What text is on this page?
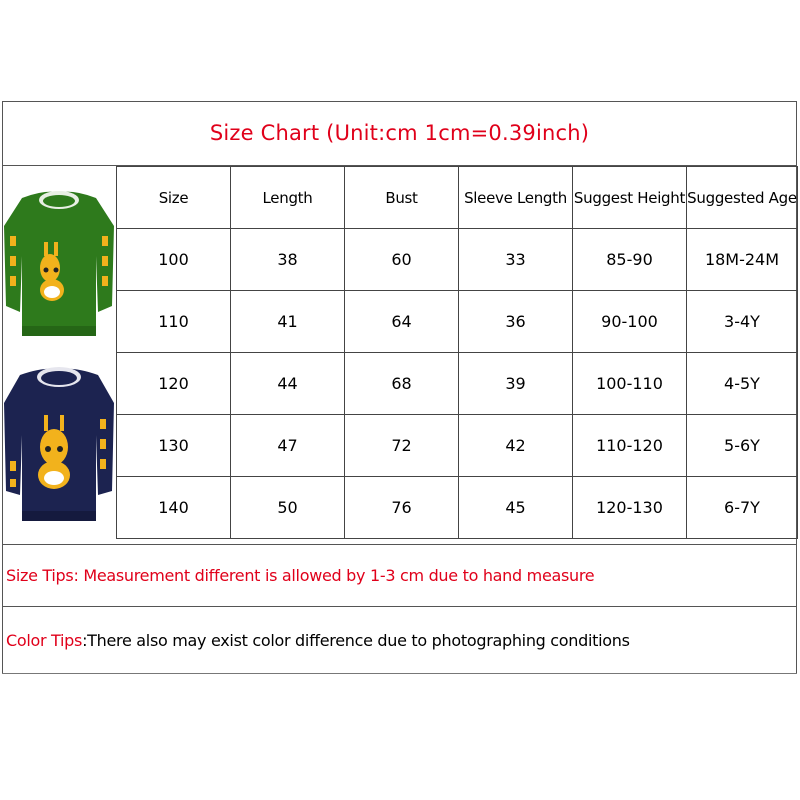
Size Chart (Unit:cm 1cm=0.39inch)
Size	Length	Bust	Sleeve Length	Suggest Height	Suggested Age
100	38	60	33	85-90	18M-24M
110	41	64	36	90-100	3-4Y
120	44	68	39	100-110	4-5Y
130	47	72	42	110-120	5-6Y
140	50	76	45	120-130	6-7Y
Size Tips : Measurement different is allowed by 1-3 cm due to hand measure
Color Tips :There also may exist color difference due to photographing conditions
